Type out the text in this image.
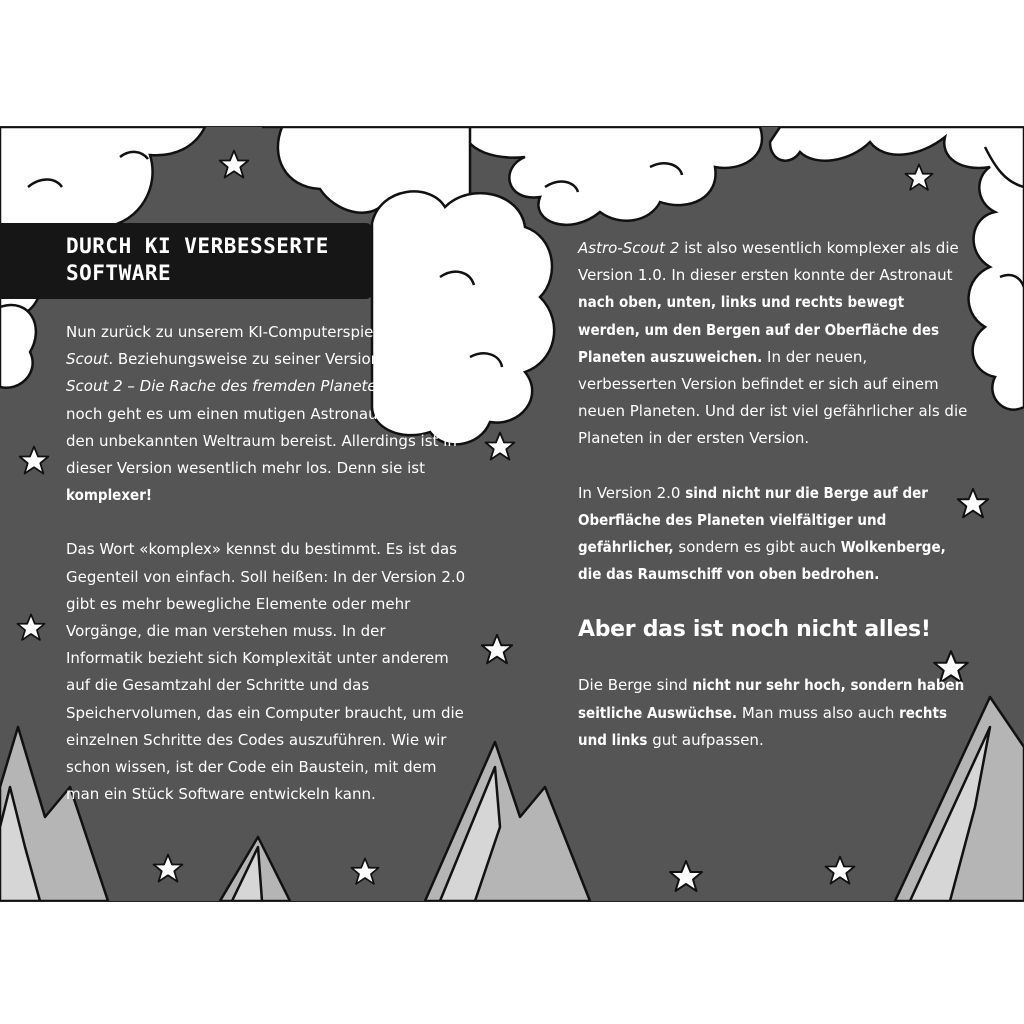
DURCH KI VERBESSERTE
SOFTWARE

Nun zurück zu unserem KI-Computerspiel Astro-Scout. Beziehungsweise zu seiner Version 2.0: Astro-Scout 2 – Die Rache des fremden Planeten!!! Immer noch geht es um einen mutigen Astronauten, der den unbekannten Weltraum bereist. Allerdings ist in dieser Version wesentlich mehr los. Denn sie ist komplexer!

Das Wort «komplex» kennst du bestimmt. Es ist das Gegenteil von einfach. Soll heißen: In der Version 2.0 gibt es mehr bewegliche Elemente oder mehr Vorgänge, die man verstehen muss. In der Informatik bezieht sich Komplexität unter anderem auf die Gesamtzahl der Schritte und das Speichervolumen, das ein Computer braucht, um die einzelnen Schritte des Codes auszuführen. Wie wir schon wissen, ist der Code ein Baustein, mit dem man ein Stück Software entwickeln kann.

Astro-Scout 2 ist also wesentlich komplexer als die Version 1.0. In dieser ersten konnte der Astronaut nach oben, unten, links und rechts bewegt werden, um den Bergen auf der Oberfläche des Planeten auszuweichen. In der neuen, verbesserten Version befindet er sich auf einem neuen Planeten. Und der ist viel gefährlicher als die Planeten in der ersten Version.

In Version 2.0 sind nicht nur die Berge auf der Oberfläche des Planeten vielfältiger und gefährlicher, sondern es gibt auch Wolkenberge, die das Raumschiff von oben bedrohen.

Aber das ist noch nicht alles!

Die Berge sind nicht nur sehr hoch, sondern haben seitliche Auswüchse. Man muss also auch rechts und links gut aufpassen.
